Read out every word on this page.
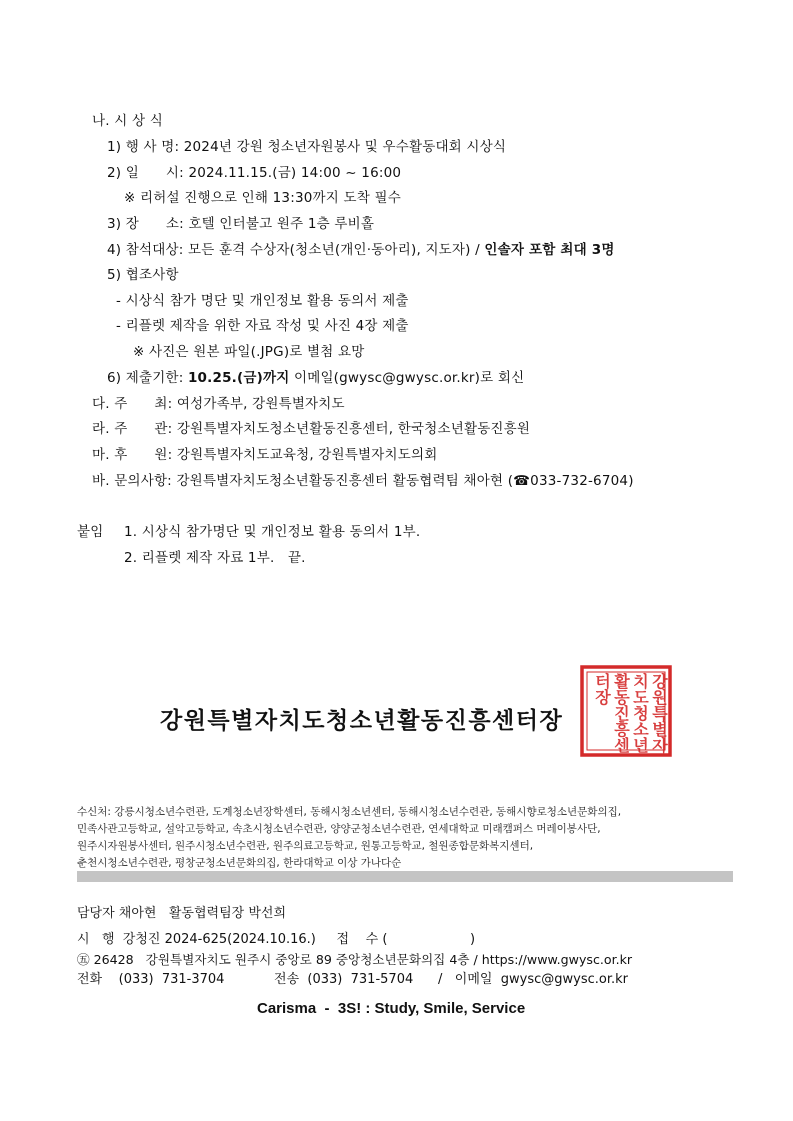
나. 시 상 식
1) 행 사 명: 2024년 강원 청소년자원봉사 및 우수활동대회 시상식
2) 일      시: 2024.11.15.(금) 14:00 ~ 16:00
※ 리허설 진행으로 인해 13:30까지 도착 필수
3) 장      소: 호텔 인터불고 원주 1층 루비홀
4) 참석대상: 모든 훈격 수상자(청소년(개인·동아리), 지도자) / 인솔자 포함 최대 3명
5) 협조사항
- 시상식 참가 명단 및 개인정보 활용 동의서 제출
- 리플렛 제작을 위한 자료 작성 및 사진 4장 제출
※ 사진은 원본 파일(.JPG)로 별첨 요망
6) 제출기한: 10.25.(금)까지 이메일(gwysc@gwysc.or.kr)로 회신
다. 주      최: 여성가족부, 강원특별자치도
라. 주      관: 강원특별자치도청소년활동진흥센터, 한국청소년활동진흥원
마. 후      원: 강원특별자치도교육청, 강원특별자치도의회
바. 문의사항: 강원특별자치도청소년활동진흥센터 활동협력팀 채아현 (☎033-732-6704)
붙임 1. 시상식 참가명단 및 개인정보 활용 동의서 1부.
2. 리플렛 제작 자료 1부.   끝.
강원특별자치도청소년활동진흥센터장
강
원
특
별
자
치
도
청
소
년
활
동
진
흥
센
터
장
수신처: 강릉시청소년수련관, 도계청소년장학센터, 동해시청소년센터, 동해시청소년수련관, 동해시향로청소년문화의집,
민족사관고등학교, 설악고등학교, 속초시청소년수련관, 양양군청소년수련관, 연세대학교 미래캠퍼스 머레이봉사단,
원주시자원봉사센터, 원주시청소년수련관, 원주의료고등학교, 원통고등학교, 철원종합문화복지센터,
춘천시청소년수련관, 평창군청소년문화의집, 한라대학교 이상 가나다순
담당자 채아현   활동협력팀장 박선희
시   행  강청진 2024-625(2024.10.16.)     접    수 (                    )
㊄ 26428   강원특별자치도 원주시 중앙로 89 중앙청소년문화의집 4층 / https://www.gwysc.or.kr
전화    (033)  731-3704            전송  (033)  731-5704      /   이메일  gwysc@gwysc.or.kr
Carisma  -  3S! : Study, Smile, Service
